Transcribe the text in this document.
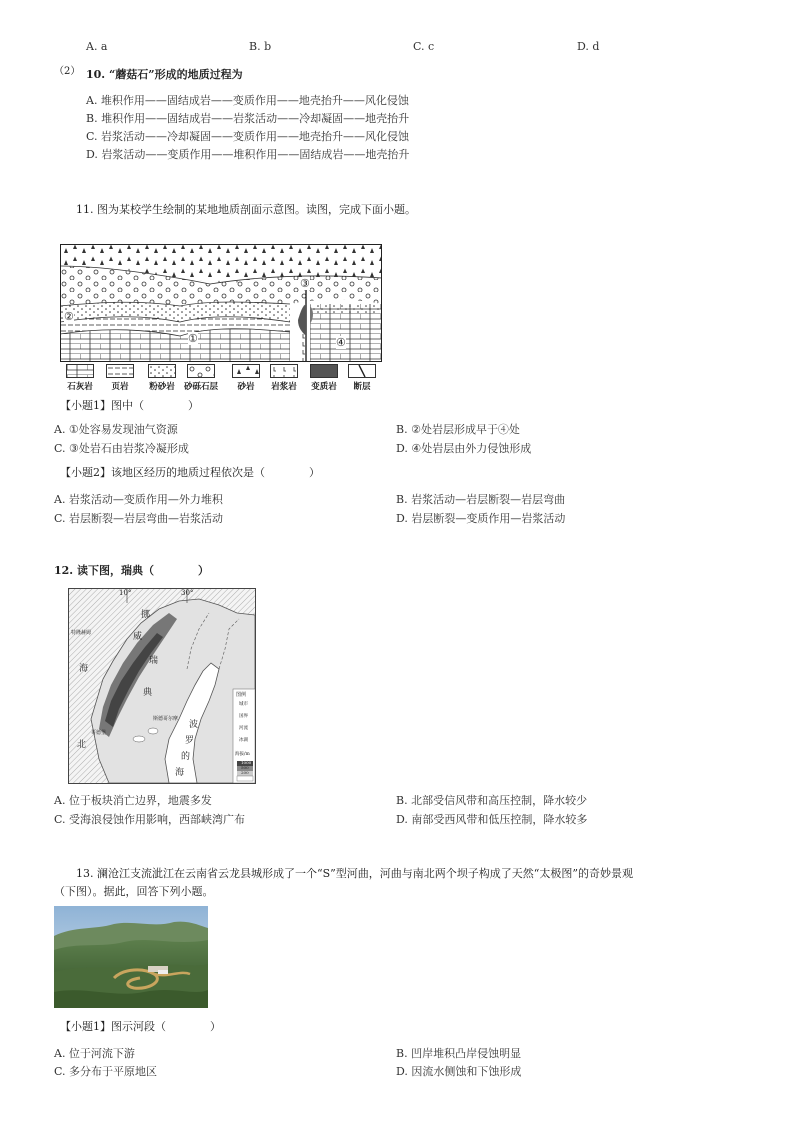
A. a	B. b	C. c	D. d
（2） 10. “蘑菇石”形成的地质过程为
A. 堆积作用——固结成岩——变质作用——地壳抬升——风化侵蚀
B. 堆积作用——固结成岩——岩浆活动——冷却凝固——地壳抬升
C. 岩浆活动——冷却凝固——变质作用——地壳抬升——风化侵蚀
D. 岩浆活动——变质作用——堆积作用——固结成岩——地壳抬升
11. 图为某校学生绘制的某地地质剖面示意图。读图，完成下面小题。
②
①
③
④
石灰岩	页岩	粉砂岩	砂砾石层	砂岩	岩浆岩	变质岩	断层
【小题1】图中（　　　　）
A. ①处容易发现油气资源	B. ②处岩层形成早于④处
C. ③处岩石由岩浆冷凝形成	D. ④处岩层由外力侵蚀形成
【小题2】该地区经历的地质过程依次是（　　　　）
A. 岩浆活动—变质作用—外力堆积	B. 岩浆活动—岩层断裂—岩层弯曲
C. 岩层断裂—岩层弯曲—岩浆活动	D. 岩层断裂—变质作用—岩浆活动
12. 读下图，瑞典（　　　　）
10°	30°
挪
威
海
瑞
典
波
罗
的
海
北
斯德哥尔摩
哥德堡
特隆赫姆
图例
城市
国界
河流
冰湖
海拔/m
1000
500
200
A. 位于板块消亡边界，地震多发	B. 北部受信风带和高压控制，降水较少
C. 受海浪侵蚀作用影响，西部峡湾广布	D. 南部受西风带和低压控制，降水较多
13. 澜沧江支流泚江在云南省云龙县城形成了一个“S”型河曲，河曲与南北两个坝子构成了天然“太极图”的奇妙景观
（下图）。据此，回答下列小题。
【小题1】图示河段（　　　　）
A. 位于河流下游	B. 凹岸堆积凸岸侵蚀明显
C. 多分布于平原地区	D. 因流水侧蚀和下蚀形成
